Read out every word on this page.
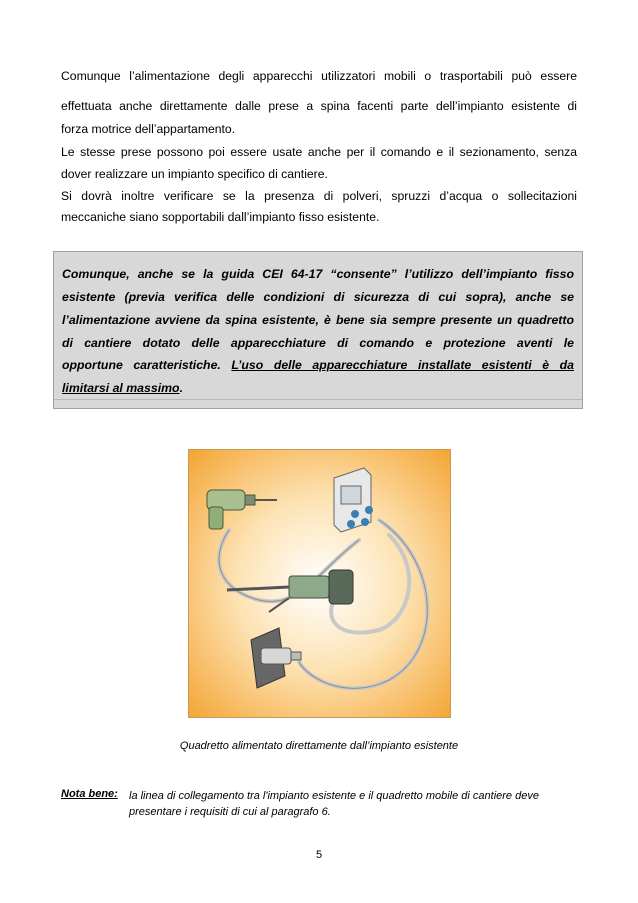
Comunque l’alimentazione degli apparecchi utilizzatori mobili o trasportabili può essere
effettuata anche direttamente dalle prese a spina facenti parte dell’impianto esistente di
forza motrice dell’appartamento.
Le stesse prese possono poi essere usate anche per il comando e il sezionamento, senza
dover realizzare un impianto specifico di cantiere.
Si dovrà inoltre verificare se la presenza di polveri, spruzzi d’acqua o sollecitazioni
meccaniche siano sopportabili dall’impianto fisso esistente.
Comunque, anche se la guida CEI 64-17 “consente” l’utilizzo dell’impianto fisso
esistente (previa verifica delle condizioni di sicurezza di cui sopra), anche se
l’alimentazione avviene da spina esistente, è bene sia sempre presente un quadretto
di cantiere dotato delle apparecchiature di comando e protezione aventi le
opportune caratteristiche. L’uso delle apparecchiature installate esistenti è da
limitarsi al massimo.
Quadretto alimentato direttamente dall’impianto esistente
Nota bene: la linea di collegamento tra l'impianto esistente e il quadretto mobile di cantiere deve
presentare i requisiti di cui al paragrafo 6.
5
